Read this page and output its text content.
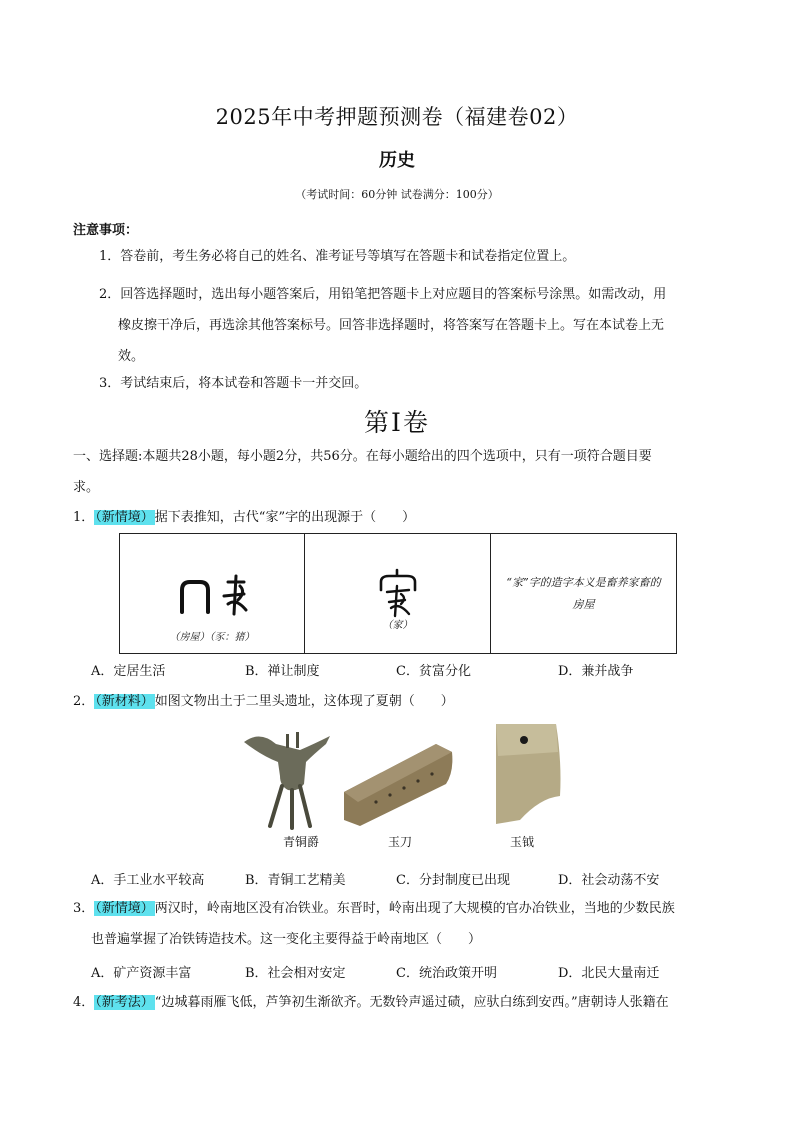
2025年中考押题预测卷（福建卷02）
历史
（考试时间：60分钟 试卷满分：100分）
注意事项：
1．答卷前，考生务必将自己的姓名、准考证号等填写在答题卡和试卷指定位置上。
2．回答选择题时，选出每小题答案后，用铅笔把答题卡上对应题目的答案标号涂黑。如需改动，用
橡皮擦干净后，再选涂其他答案标号。回答非选择题时，将答案写在答题卡上。写在本试卷上无
效。
3．考试结束后，将本试卷和答题卡一并交回。
第I卷
一、选择题:本题共28小题，每小题2分，共56分。在每小题给出的四个选项中，只有一项符合题目要
求。
1．（新情境）据下表推知，古代“家”字的出现源于（　　）
（房屋）（豕：猪）
（家）
“家”字的造字本义是畜养家畜的房屋
A．定居生活	B．禅让制度	C．贫富分化	D．兼并战争
2．（新材料）如图文物出土于二里头遗址，这体现了夏朝（　　）
青铜爵	玉刀	玉钺
A．手工业水平较高	B．青铜工艺精美	C．分封制度已出现	D．社会动荡不安
3．（新情境）两汉时，岭南地区没有冶铁业。东晋时，岭南出现了大规模的官办冶铁业，当地的少数民族
也普遍掌握了冶铁铸造技术。这一变化主要得益于岭南地区（　　）
A．矿产资源丰富	B．社会相对安定	C．统治政策开明	D．北民大量南迁
4．（新考法）“边城暮雨雁飞低，芦笋初生渐欲齐。无数铃声遥过碛，应驮白练到安西。”唐朝诗人张籍在
